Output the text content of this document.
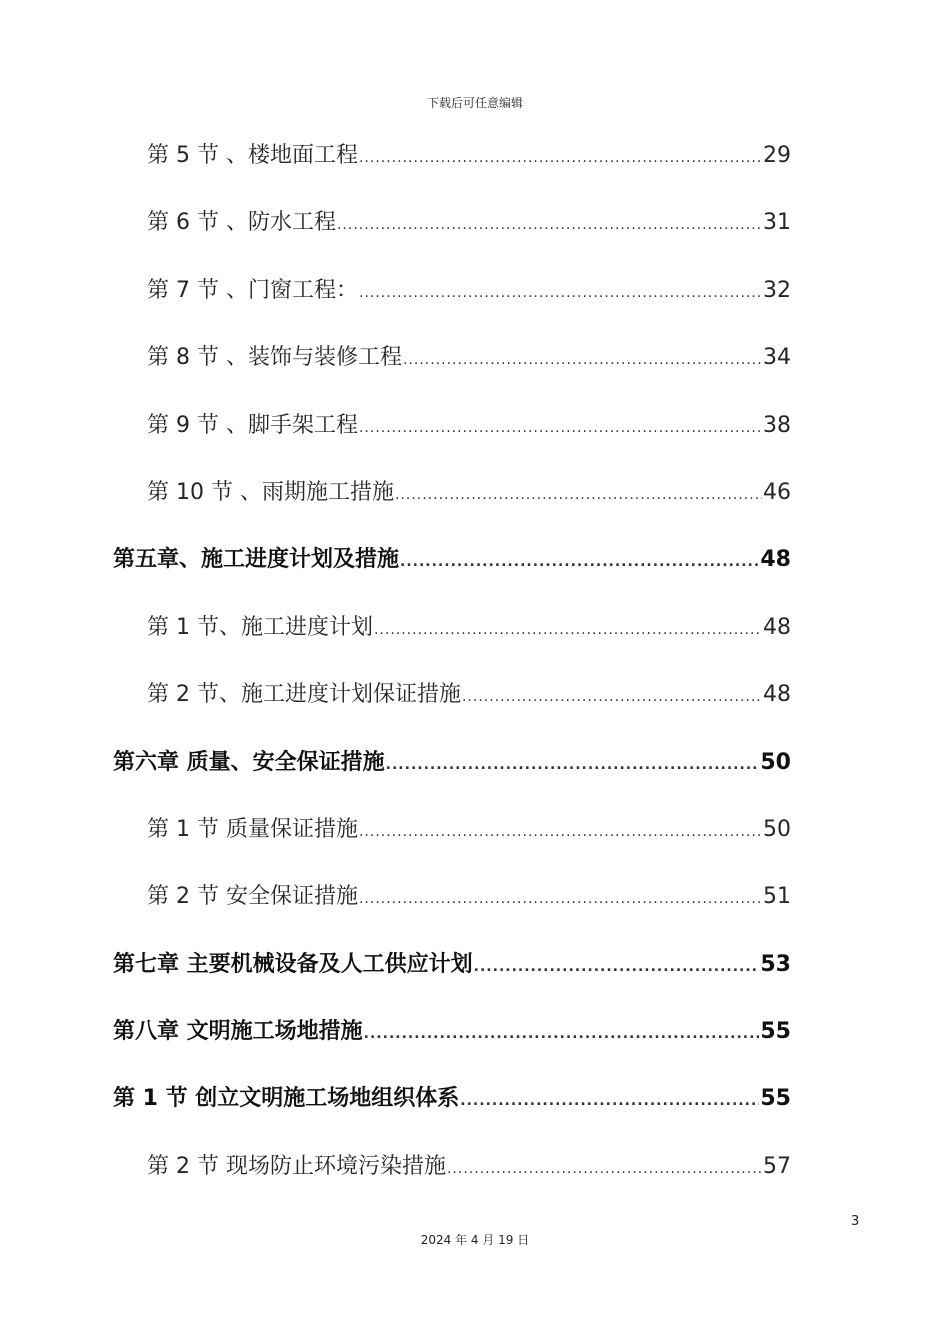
下载后可任意编辑
第 5 节 、楼地面工程 .....	29
第 6 节 、防水工程 .....	31
第 7 节 、门窗工程： .....	32
第 8 节 、装饰与装修工程 .....	34
第 9 节 、脚手架工程 .....	38
第 10 节 、雨期施工措施 .....	46
第五章、施工进度计划及措施 .....	48
第 1 节、施工进度计划 .....	48
第 2 节、施工进度计划保证措施 .....	48
第六章 质量、安全保证措施 .....	50
第 1 节 质量保证措施 .....	50
第 2 节 安全保证措施 .....	51
第七章 主要机械设备及人工供应计划 .....	53
第八章 文明施工场地措施 .....	55
第 1 节 创立文明施工场地组织体系 .....	55
第 2 节 现场防止环境污染措施 .....	57
3
2024 年 4 月 19 日
